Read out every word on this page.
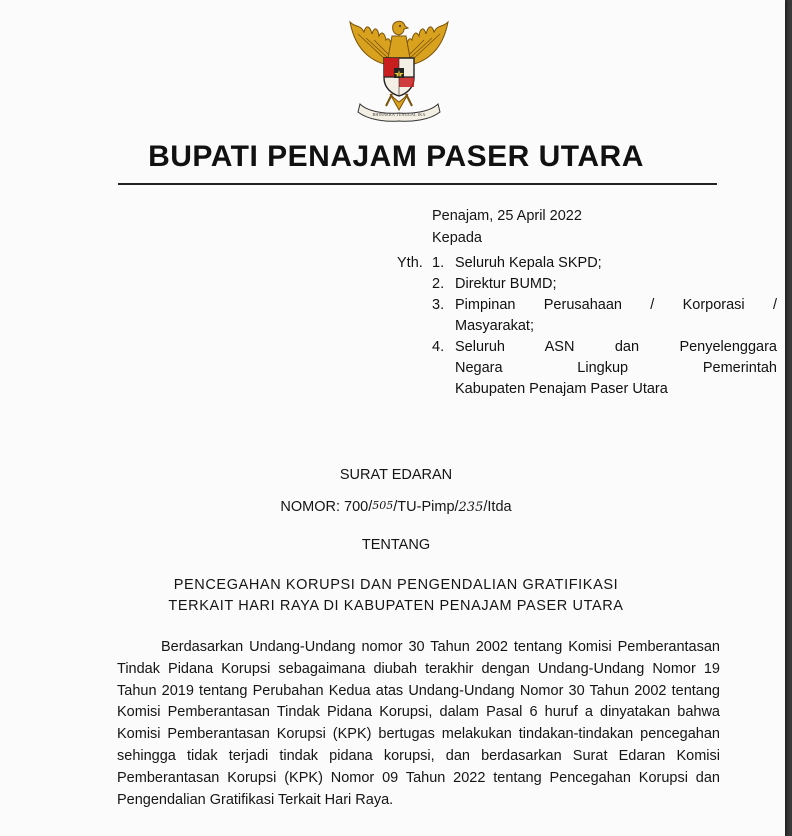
BHINNEKA TUNGGAL IKA
BUPATI PENAJAM PASER UTARA
Penajam, 25 April 2022
Kepada
Yth. 1. Seluruh Kepala SKPD;
2. Direktur BUMD;
3. Pimpinan Perusahaan / Korporasi /
Masyarakat;
4. Seluruh ASN dan Penyelenggara
Negara Lingkup Pemerintah
Kabupaten Penajam Paser Utara
SURAT EDARAN
NOMOR: 700/505/TU-Pimp/235/Itda
TENTANG
PENCEGAHAN KORUPSI DAN PENGENDALIAN GRATIFIKASI
TERKAIT HARI RAYA DI KABUPATEN PENAJAM PASER UTARA

Berdasarkan Undang-Undang nomor 30 Tahun 2002 tentang Komisi Pemberantasan Tindak Pidana Korupsi sebagaimana diubah terakhir dengan Undang-Undang Nomor 19 Tahun 2019 tentang Perubahan Kedua atas Undang-Undang Nomor 30 Tahun 2002 tentang Komisi Pemberantasan Tindak Pidana Korupsi, dalam Pasal 6 huruf a dinyatakan bahwa Komisi Pemberantasan Korupsi (KPK) bertugas melakukan tindakan-tindakan pencegahan sehingga tidak terjadi tindak pidana korupsi, dan berdasarkan Surat Edaran Komisi Pemberantasan Korupsi (KPK) Nomor 09 Tahun 2022 tentang Pencegahan Korupsi dan Pengendalian Gratifikasi Terkait Hari Raya.
